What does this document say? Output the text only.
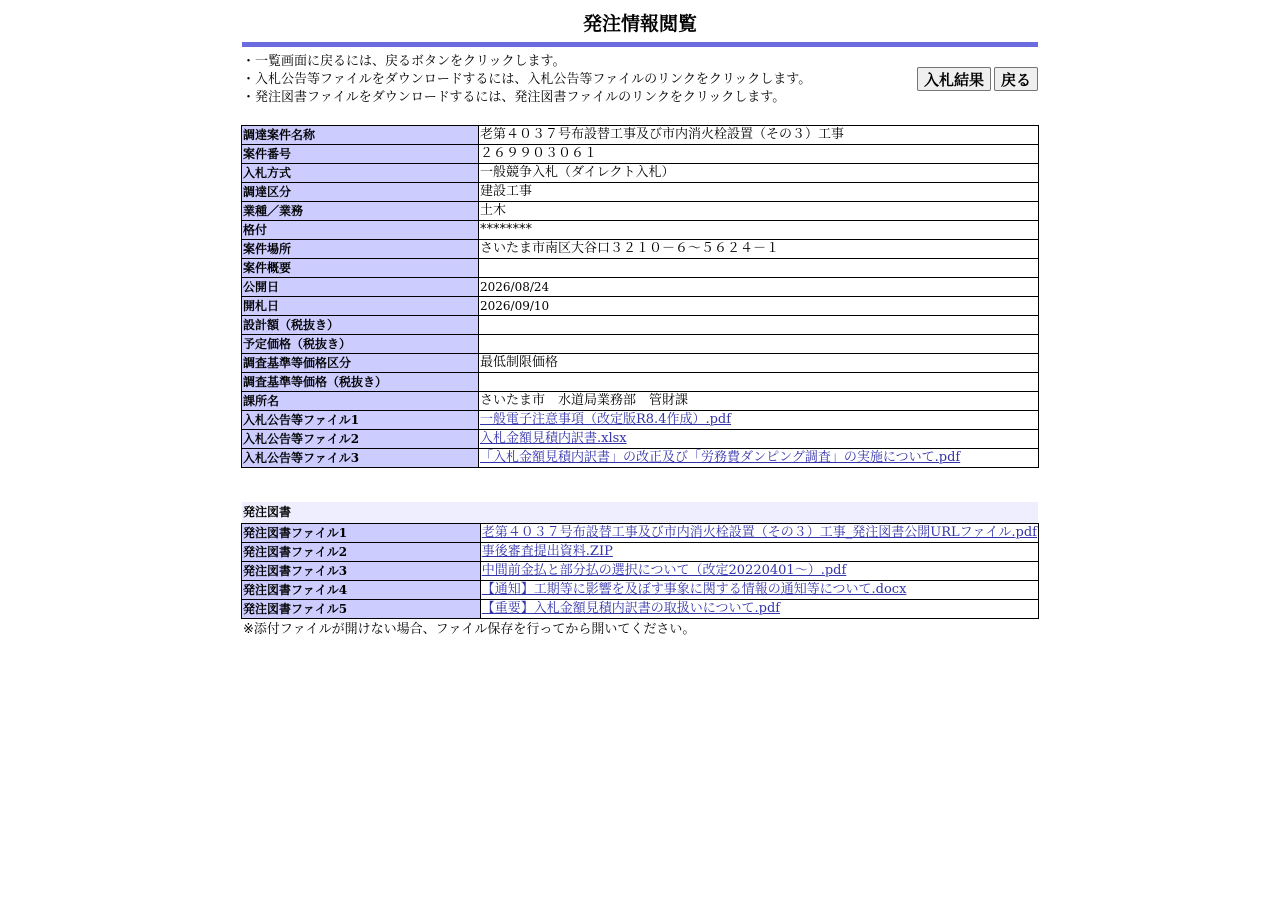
発注情報閲覧
・一覧画面に戻るには、戻るボタンをクリックします。
・入札公告等ファイルをダウンロードするには、入札公告等ファイルのリンクをクリックします。
・発注図書ファイルをダウンロードするには、発注図書ファイルのリンクをクリックします。
入札結果	戻る
調達案件名称	老第４０３７号布設替工事及び市内消火栓設置（その３）工事
案件番号	２６９９０３０６１
入札方式	一般競争入札（ダイレクト入札）
調達区分	建設工事
業種／業務	土木
格付	********
案件場所	さいたま市南区大谷口３２１０－６～５６２４－１
案件概要	
公開日	2026/08/24
開札日	2026/09/10
設計額（税抜き）	
予定価格（税抜き）	
調査基準等価格区分	最低制限価格
調査基準等価格（税抜き）	
課所名	さいたま市　水道局業務部　管財課
入札公告等ファイル1	一般電子注意事項（改定版R8.4作成）.pdf
入札公告等ファイル2	入札金額見積内訳書.xlsx
入札公告等ファイル3	「入札金額見積内訳書」の改正及び「労務費ダンピング調査」の実施について.pdf
発注図書
発注図書ファイル1	老第４０３７号布設替工事及び市内消火栓設置（その３）工事_発注図書公開URLファイル.pdf
発注図書ファイル2	事後審査提出資料.ZIP
発注図書ファイル3	中間前金払と部分払の選択について（改定20220401～）.pdf
発注図書ファイル4	【通知】工期等に影響を及ぼす事象に関する情報の通知等について.docx
発注図書ファイル5	【重要】入札金額見積内訳書の取扱いについて.pdf

※添付ファイルが開けない場合、ファイル保存を行ってから開いてください。
